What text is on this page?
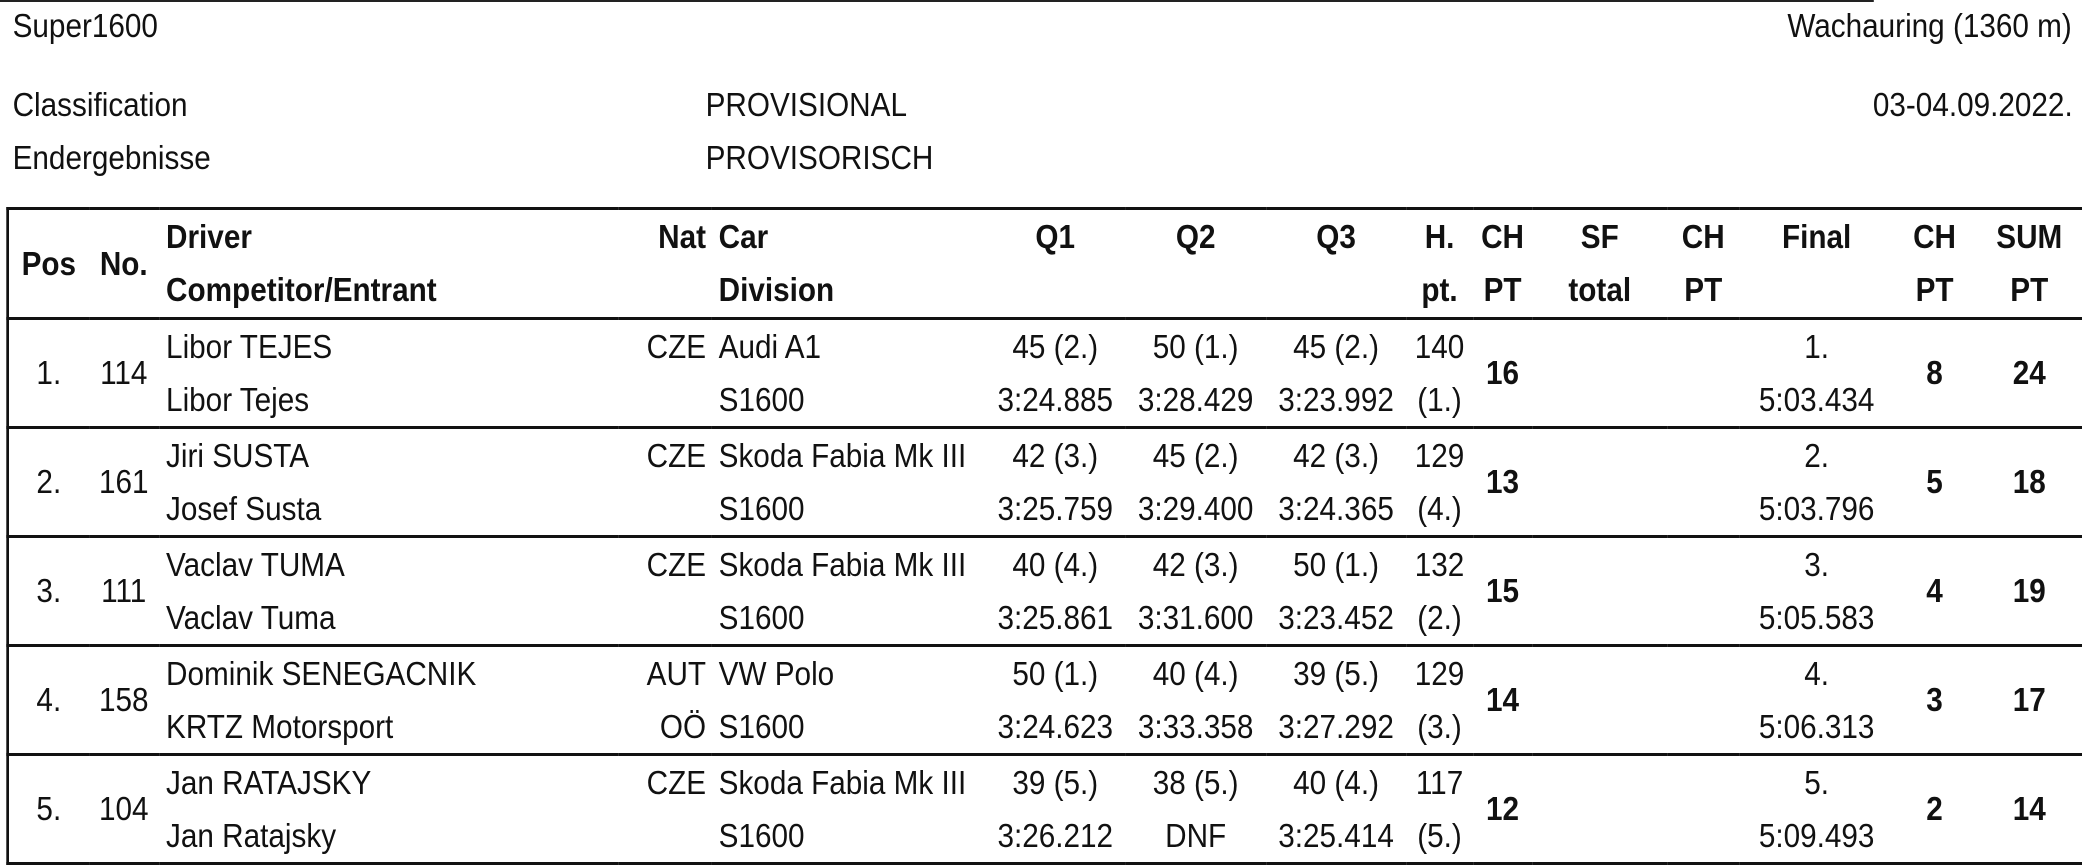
Super1600	Wachauring (1360 m)
Classification
Endergebnisse
PROVISIONAL
PROVISORISCH
03-04.09.2022.
Pos	No.	Driver	Nat	Car	Q1	Q2	Q3	H.	CH	SF	CH	Final	CH	SUM
		Competitor/Entrant		Division				pt.	PT	total	PT		PT	PT
1.	114	Libor TEJES	CZE	Audi A1	45 (2.)	50 (1.)	45 (2.)	140	16			1.	8	24
		Libor Tejes		S1600	3:24.885	3:28.429	3:23.992	(1.)				5:03.434		
2.	161	Jiri SUSTA	CZE	Skoda Fabia Mk III	42 (3.)	45 (2.)	42 (3.)	129	13			2.	5	18
		Josef Susta		S1600	3:25.759	3:29.400	3:24.365	(4.)				5:03.796		
3.	111	Vaclav TUMA	CZE	Skoda Fabia Mk III	40 (4.)	42 (3.)	50 (1.)	132	15			3.	4	19
		Vaclav Tuma		S1600	3:25.861	3:31.600	3:23.452	(2.)				5:05.583		
4.	158	Dominik SENEGACNIK	AUT	VW Polo	50 (1.)	40 (4.)	39 (5.)	129	14			4.	3	17
		KRTZ Motorsport	OÖ	S1600	3:24.623	3:33.358	3:27.292	(3.)				5:06.313		
5.	104	Jan RATAJSKY	CZE	Skoda Fabia Mk III	39 (5.)	38 (5.)	40 (4.)	117	12			5.	2	14
		Jan Ratajsky		S1600	3:26.212	DNF	3:25.414	(5.)				5:09.493		
